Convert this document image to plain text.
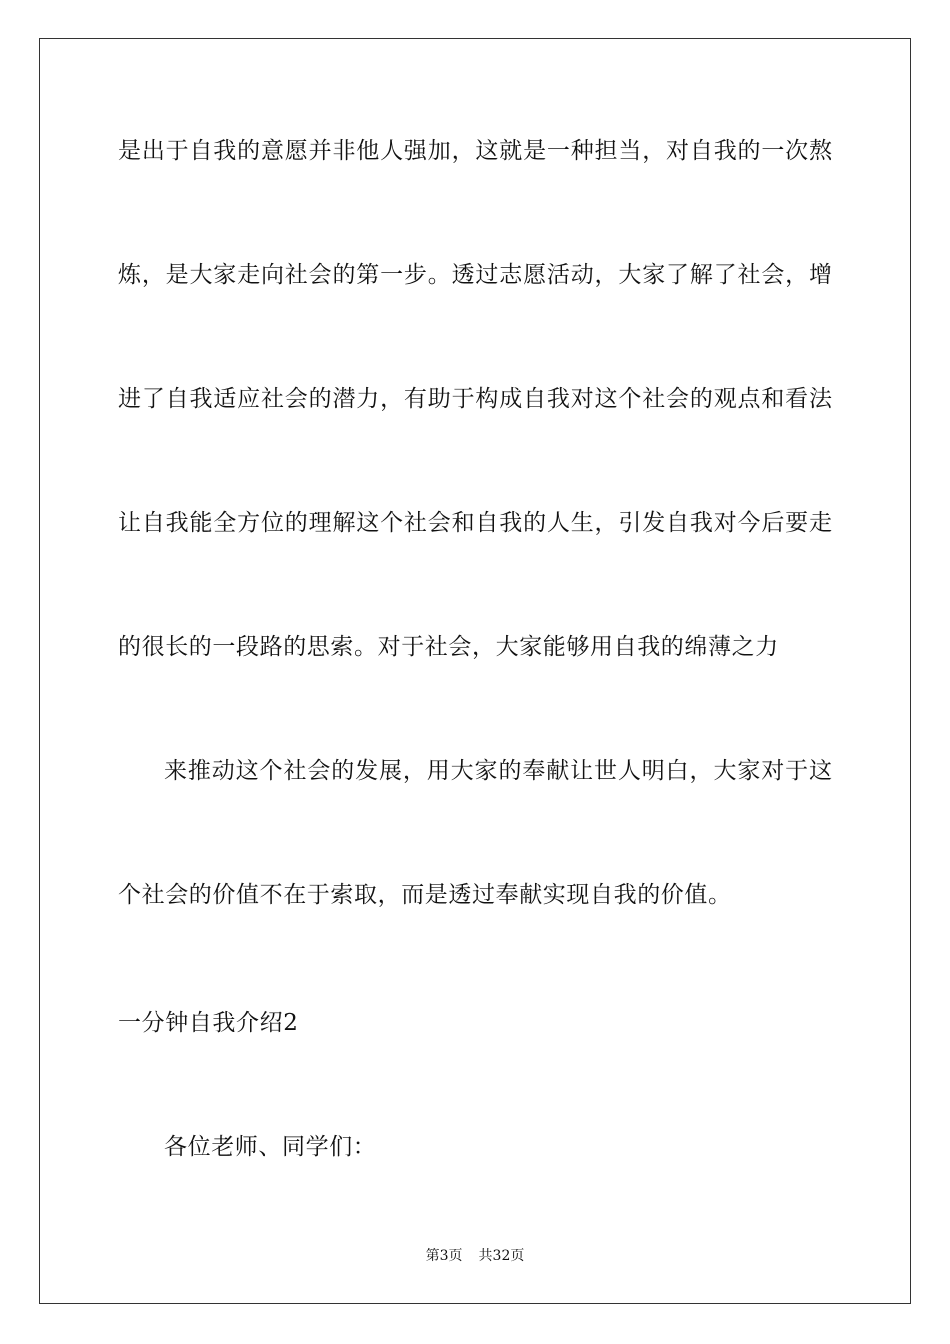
是出于自我的意愿并非他人强加，这就是一种担当，对自我的一次熬
炼，是大家走向社会的第一步。透过志愿活动，大家了解了社会，增
进了自我适应社会的潜力，有助于构成自我对这个社会的观点和看法
让自我能全方位的理解这个社会和自我的人生，引发自我对今后要走
的很长的一段路的思索。对于社会，大家能够用自我的绵薄之力
来推动这个社会的发展，用大家的奉献让世人明白，大家对于这
个社会的价值不在于索取，而是透过奉献实现自我的价值。
一分钟自我介绍2
各位老师、同学们：
第3页 共32页
